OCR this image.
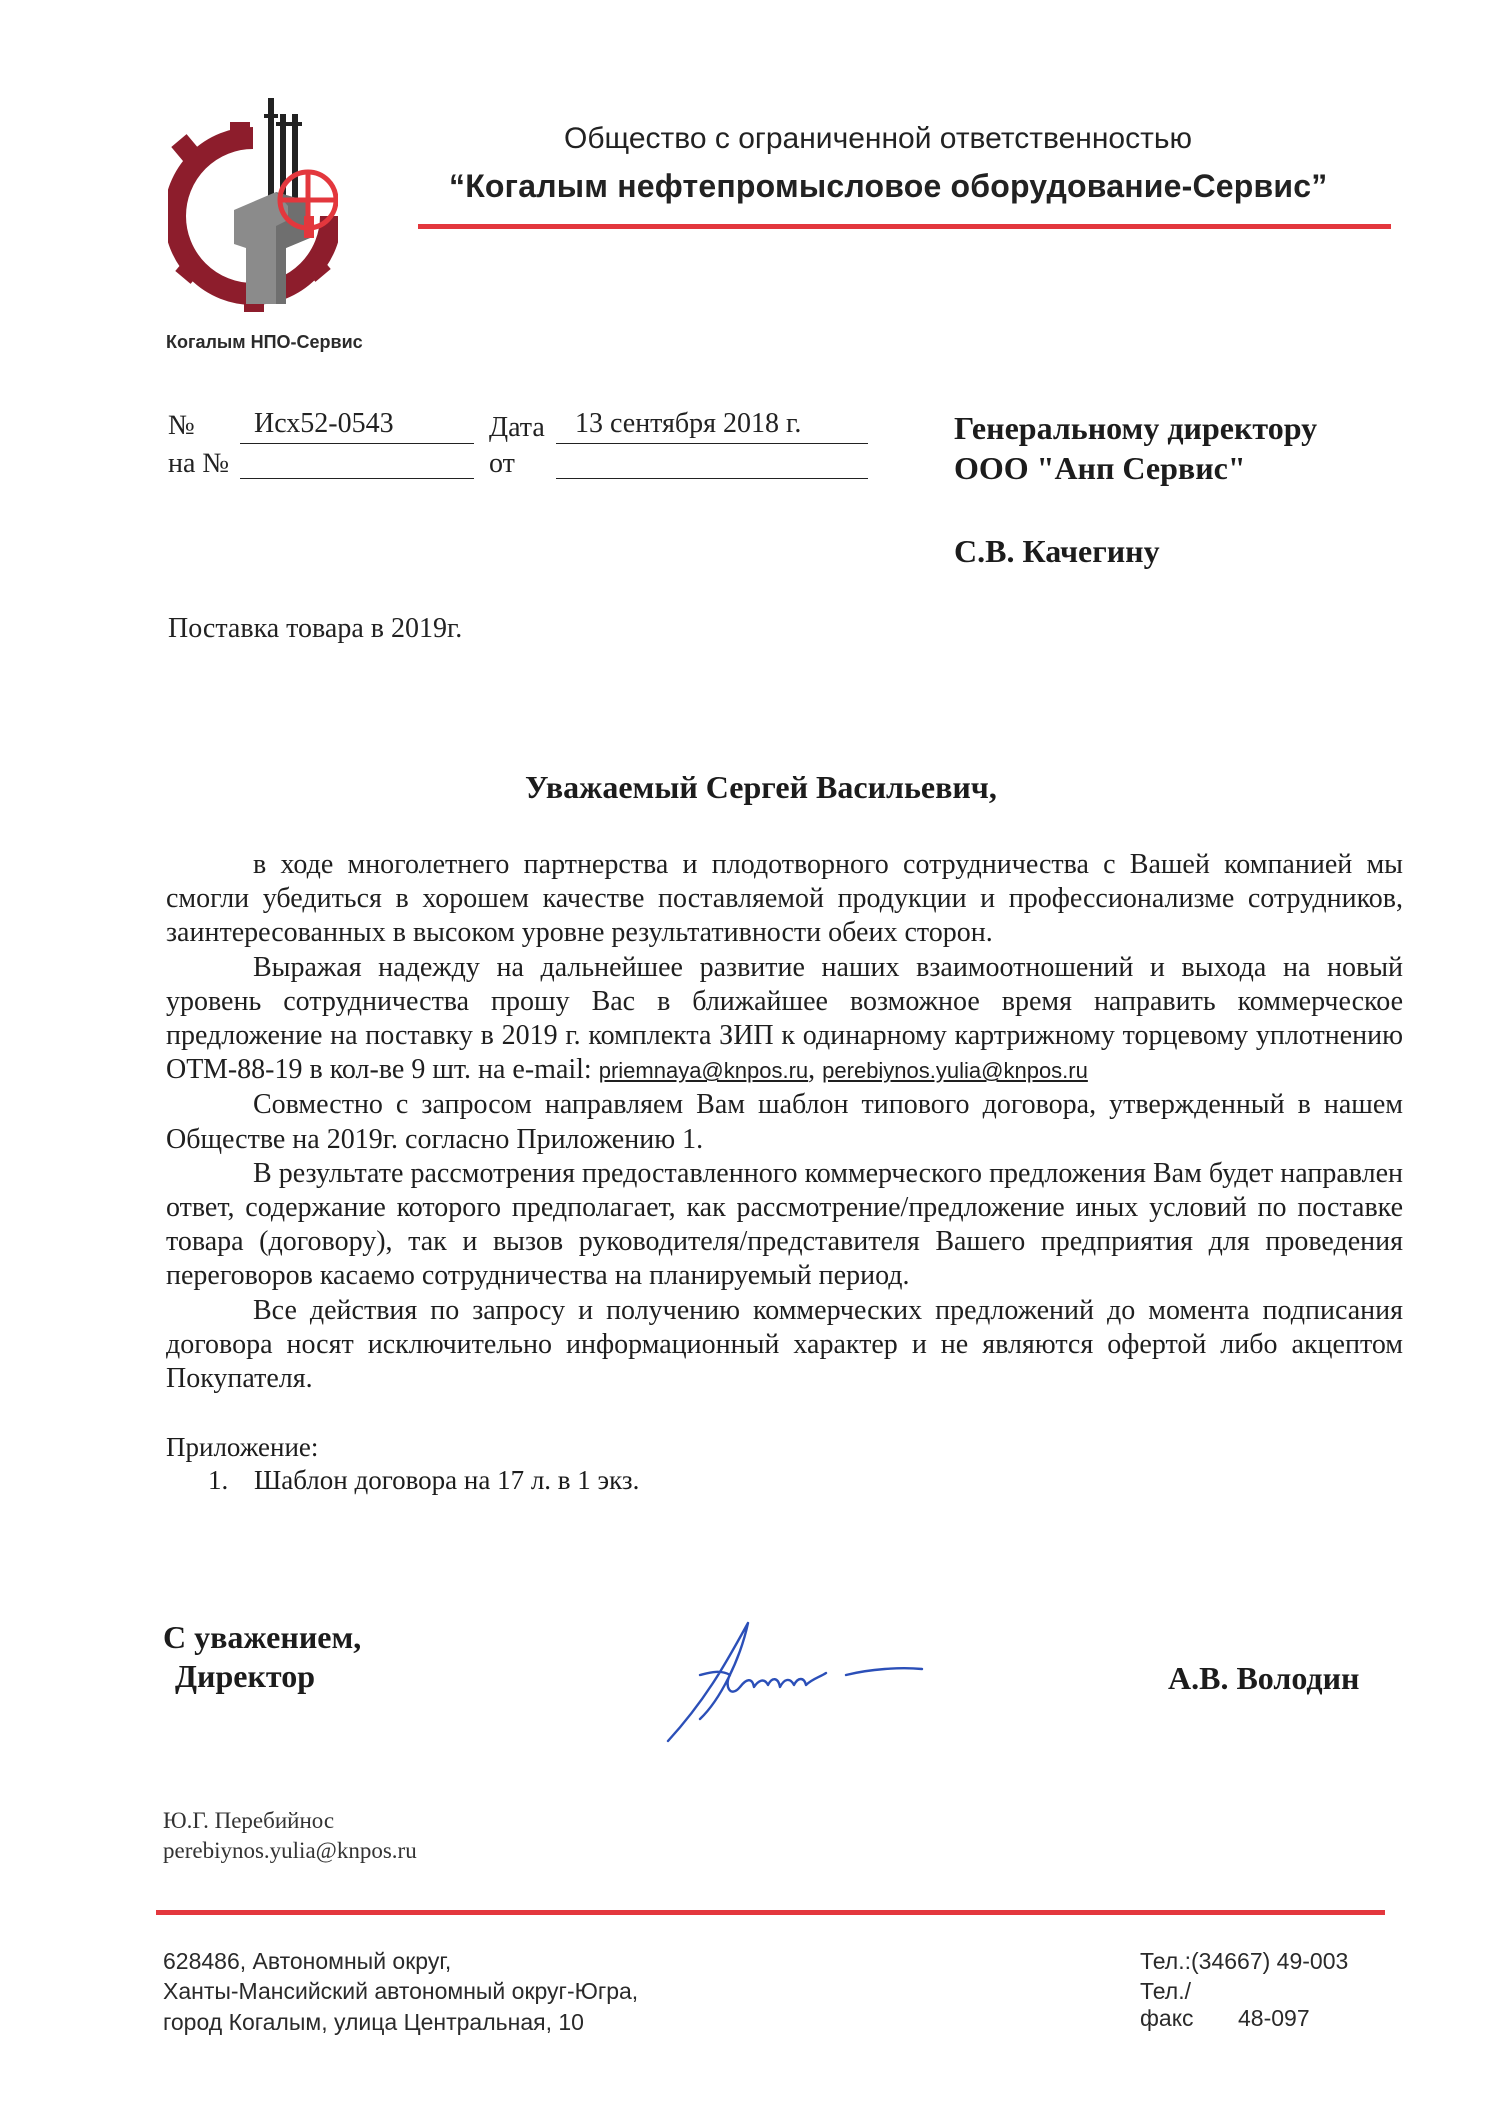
Когалым НПО-Сервис
Общество с ограниченной ответственностью
“Когалым нефтепромысловое оборудование-Сервис”
№ Исх52-0543	Дата 13 сентября 2018 г.
на №	от
Генеральному директору
ООО "Анп Сервис"
С.В. Качегину
Поставка товара в 2019г.
Уважаемый Сергей Васильевич,

в ходе многолетнего партнерства и плодотворного сотрудничества с Вашей компанией мы смогли убедиться в хорошем качестве поставляемой продукции и профессионализме сотрудников, заинтересованных в высоком уровне результативности обеих сторон.

Выражая надежду на дальнейшее развитие наших взаимоотношений и выхода на новый уровень сотрудничества прошу Вас в ближайшее возможное время направить коммерческое предложение на поставку в 2019 г. комплекта ЗИП к одинарному картрижному торцевому уплотнению ОТМ-88-19 в кол-ве 9 шт. на e-mail: priemnaya@knpos.ru, perebiynos.yulia@knpos.ru

Совместно с запросом направляем Вам шаблон типового договора, утвержденный в нашем Обществе на 2019г. согласно Приложению 1.

В результате рассмотрения предоставленного коммерческого предложения Вам будет направлен ответ, содержание которого предполагает, как рассмотрение/предложение иных условий по поставке товара (договору), так и вызов руководителя/представителя Вашего предприятия для проведения переговоров касаемо сотрудничества на планируемый период.

Все действия по запросу и получению коммерческих предложений до момента подписания договора носят исключительно информационный характер и не являются офертой либо акцептом Покупателя.

Приложение:
1. Шаблон договора на 17 л. в 1 экз.
С уважением,
Директор	А.В. Володин
Ю.Г. Перебийнос
perebiynos.yulia@knpos.ru
628486, Автономный округ,
Ханты-Мансийский автономный округ-Югра,
город Когалым, улица Центральная, 10
Тел.:(34667) 49-003
Тел./факс 48-097
